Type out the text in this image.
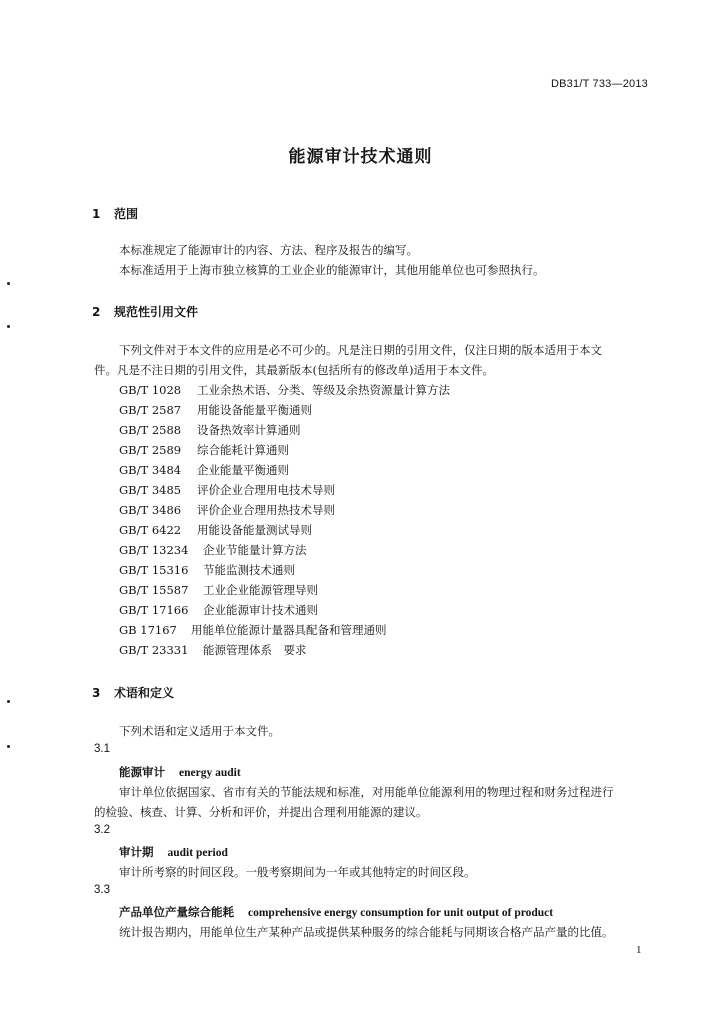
DB31/T 733—2013
能源审计技术通则
1 范围
本标准规定了能源审计的内容、方法、程序及报告的编写。
本标准适用于上海市独立核算的工业企业的能源审计，其他用能单位也可参照执行。
2 规范性引用文件
下列文件对于本文件的应用是必不可少的。凡是注日期的引用文件，仅注日期的版本适用于本文
件。凡是不注日期的引用文件，其最新版本(包括所有的修改单)适用于本文件。
GB/T 1028 工业余热术语、分类、等级及余热资源量计算方法
GB/T 2587 用能设备能量平衡通则
GB/T 2588 设备热效率计算通则
GB/T 2589 综合能耗计算通则
GB/T 3484 企业能量平衡通则
GB/T 3485 评价企业合理用电技术导则
GB/T 3486 评价企业合理用热技术导则
GB/T 6422 用能设备能量测试导则
GB/T 13234 企业节能量计算方法
GB/T 15316 节能监测技术通则
GB/T 15587 工业企业能源管理导则
GB/T 17166 企业能源审计技术通则
GB 17167 用能单位能源计量器具配备和管理通则
GB/T 23331 能源管理体系　要求
3 术语和定义
下列术语和定义适用于本文件。
3.1
能源审计 energy audit
审计单位依据国家、省市有关的节能法规和标准，对用能单位能源利用的物理过程和财务过程进行
的检验、核查、计算、分析和评价，并提出合理利用能源的建议。
3.2
审计期 audit period
审计所考察的时间区段。一般考察期间为一年或其他特定的时间区段。
3.3
产品单位产量综合能耗 comprehensive energy consumption for unit output of product
统计报告期内，用能单位生产某种产品或提供某种服务的综合能耗与同期该合格产品产量的比值。
1
